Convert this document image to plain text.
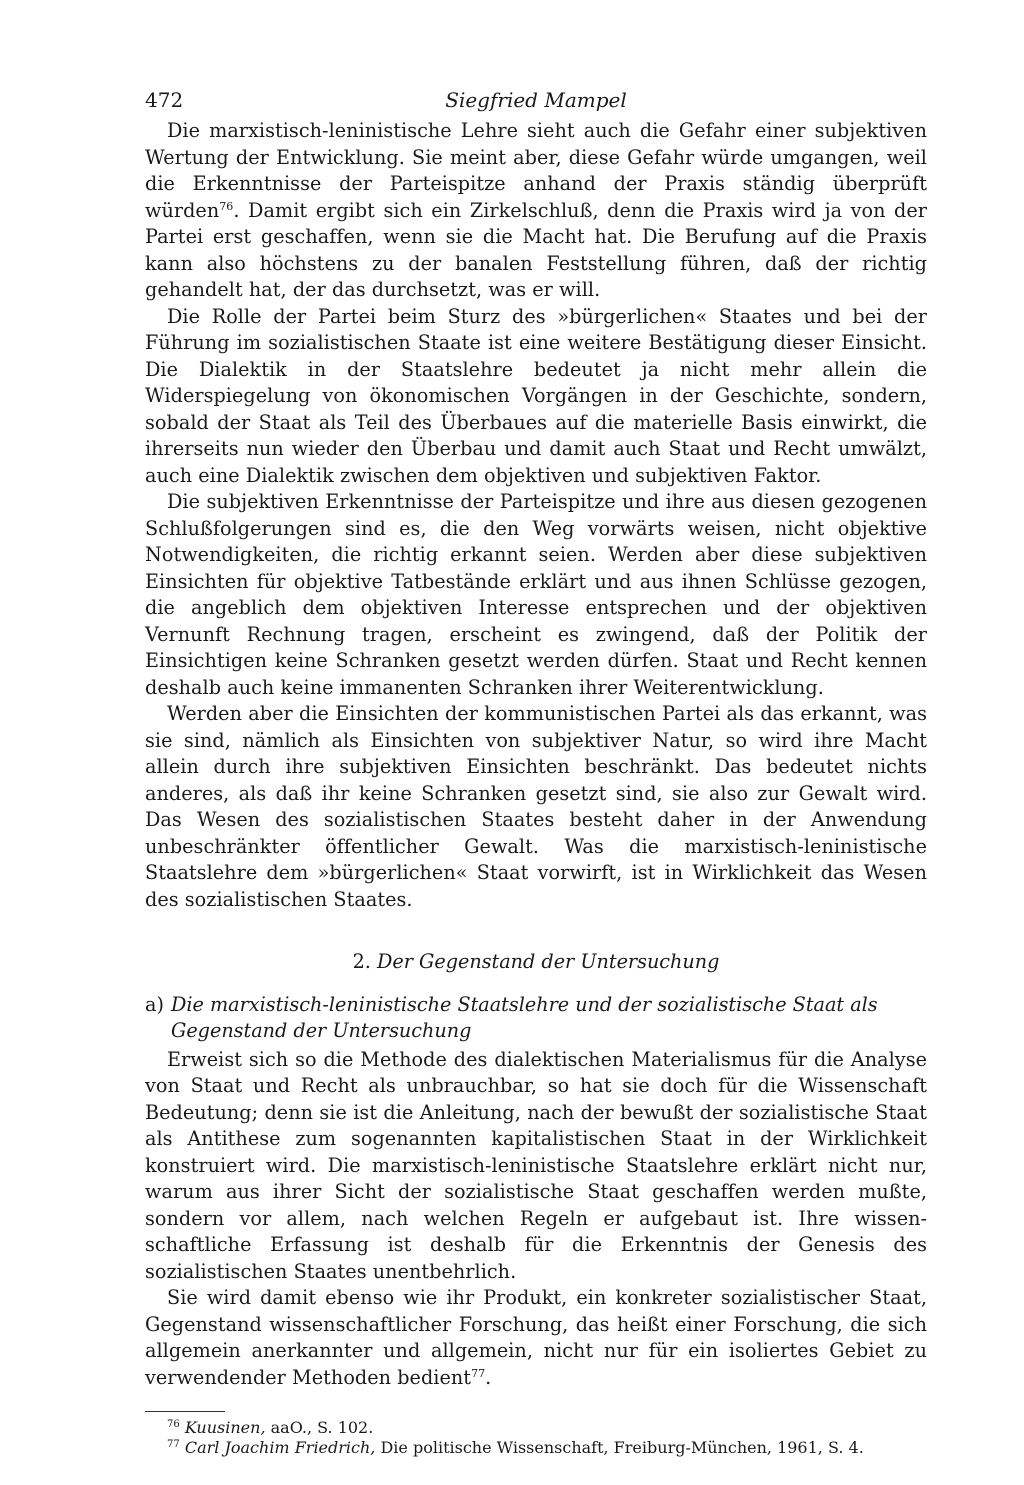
472	Siegfried Mampel

Die marxistisch-leninistische Lehre sieht auch die Gefahr einer subjektiven Wertung der Entwicklung. Sie meint aber, diese Gefahr würde umgangen, weil die Erkenntnisse der Parteispitze anhand der Praxis ständig überprüft würden$^{76}$. Damit ergibt sich ein Zirkelschluß, denn die Praxis wird ja von der Partei erst geschaffen, wenn sie die Macht hat. Die Berufung auf die Praxis kann also höchstens zu der banalen Feststellung führen, daß der richtig gehandelt hat, der das durchsetzt, was er will.

Die Rolle der Partei beim Sturz des »bürgerlichen« Staates und bei der Führung im sozialistischen Staate ist eine weitere Bestätigung dieser Einsicht. Die Dialektik in der Staatslehre bedeutet ja nicht mehr allein die Widerspiegelung von ökonomischen Vorgängen in der Geschichte, sondern, sobald der Staat als Teil des Überbaues auf die materielle Basis einwirkt, die ihrerseits nun wieder den Überbau und damit auch Staat und Recht umwälzt, auch eine Dialektik zwischen dem objektiven und subjektiven Faktor.

Die subjektiven Erkenntnisse der Parteispitze und ihre aus diesen gezogenen Schlußfolgerungen sind es, die den Weg vorwärts weisen, nicht objektive Notwendigkeiten, die richtig erkannt seien. Werden aber diese subjektiven Einsichten für objektive Tatbestände erklärt und aus ihnen Schlüsse gezogen, die angeblich dem objektiven Interesse entsprechen und der objektiven Vernunft Rechnung tragen, erscheint es zwingend, daß der Politik der Einsichtigen keine Schranken gesetzt werden dürfen. Staat und Recht kennen deshalb auch keine immanenten Schranken ihrer Weiterentwicklung.

Werden aber die Einsichten der kommunistischen Partei als das erkannt, was sie sind, nämlich als Einsichten von subjektiver Natur, so wird ihre Macht allein durch ihre subjektiven Einsichten beschränkt. Das bedeutet nichts anderes, als daß ihr keine Schranken gesetzt sind, sie also zur Gewalt wird. Das Wesen des sozialistischen Staates besteht daher in der Anwendung unbeschränkter öffentlicher Gewalt. Was die marxistisch-leninistische Staatslehre dem »bürgerlichen« Staat vorwirft, ist in Wirklichkeit das Wesen des sozialistischen Staates.

2. Der Gegenstand der Untersuchung
a) Die marxistisch-leninistische Staatslehre und der sozialistische Staat als Gegenstand der Untersuchung

Erweist sich so die Methode des dialektischen Materialismus für die Analyse von Staat und Recht als unbrauchbar, so hat sie doch für die Wissenschaft Bedeutung; denn sie ist die Anleitung, nach der bewußt der sozialistische Staat als Antithese zum sogenannten kapitalistischen Staat in der Wirklichkeit konstruiert wird. Die marxistisch-leninistische Staatslehre erklärt nicht nur, warum aus ihrer Sicht der sozialistische Staat geschaffen werden mußte, sondern vor allem, nach welchen Regeln er aufgebaut ist. Ihre wissenschaftliche Erfassung ist deshalb für die Erkenntnis der Genesis des sozialistischen Staates unentbehrlich.

Sie wird damit ebenso wie ihr Produkt, ein konkreter sozialistischer Staat, Gegenstand wissenschaftlicher Forschung, das heißt einer Forschung, die sich allgemein anerkannter und allgemein, nicht nur für ein isoliertes Gebiet zu verwendender Methoden bedient$^{77}$.

$^{76}$ Kuusinen, aaO., S. 102.
$^{77}$ Carl Joachim Friedrich, Die politische Wissenschaft, Freiburg-München, 1961, S. 4.
